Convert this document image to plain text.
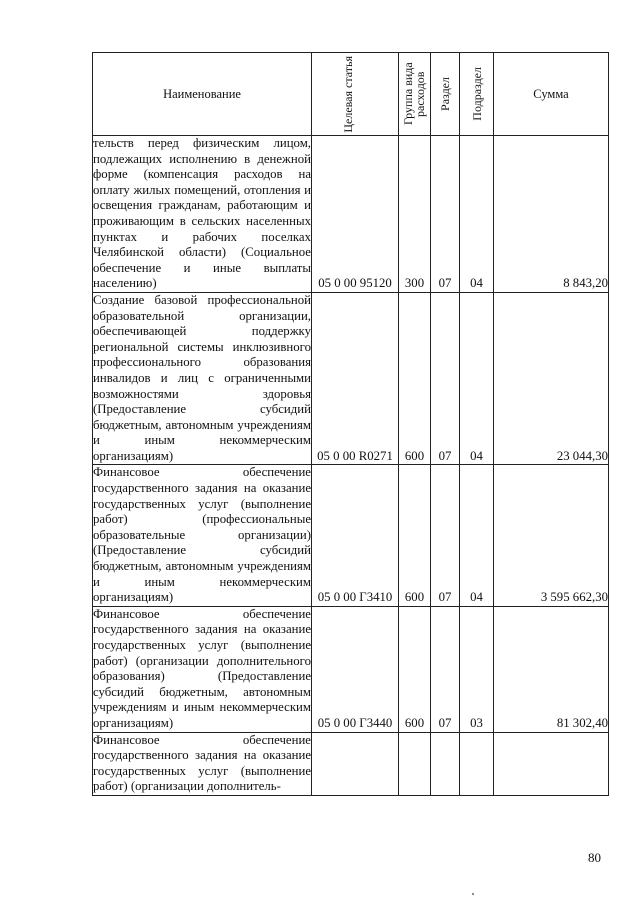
Наименование	Целевая статья	Группа вида расходов	Раздел	Подраздел	Сумма
тельств перед физическим лицом, подлежащих исполнению в денежной форме (компенсация расходов на оплату жилых помещений, отопления и освещения гражданам, работающим и проживающим в сельских населенных пунктах и рабочих поселках Челябинской области) (Социальное обеспечение и иные выплаты населению)	05 0 00 95120	300	07	04	8 843,20
Создание базовой профессиональной образовательной организации, обеспечивающей поддержку региональной системы инклюзивного профессионального образования инвалидов и лиц с ограниченными возможностями здоровья (Предоставление субсидий бюджетным, автономным учреждениям и иным некоммерческим организациям)	05 0 00 R0271	600	07	04	23 044,30
Финансовое обеспечение государственного задания на оказание государственных услуг (выполнение работ) (профессиональные образовательные организации) (Предоставление субсидий бюджетным, автономным учреждениям и иным некоммерческим организациям)	05 0 00 Г3410	600	07	04	3 595 662,30
Финансовое обеспечение государственного задания на оказание государственных услуг (выполнение работ) (организации дополнительного образования) (Предоставление субсидий бюджетным, автономным учреждениям и иным некоммерческим организациям)	05 0 00 Г3440	600	07	03	81 302,40
Финансовое обеспечение государственного задания на оказание государственных услуг (выполнение работ) (организации дополнитель-					
80
